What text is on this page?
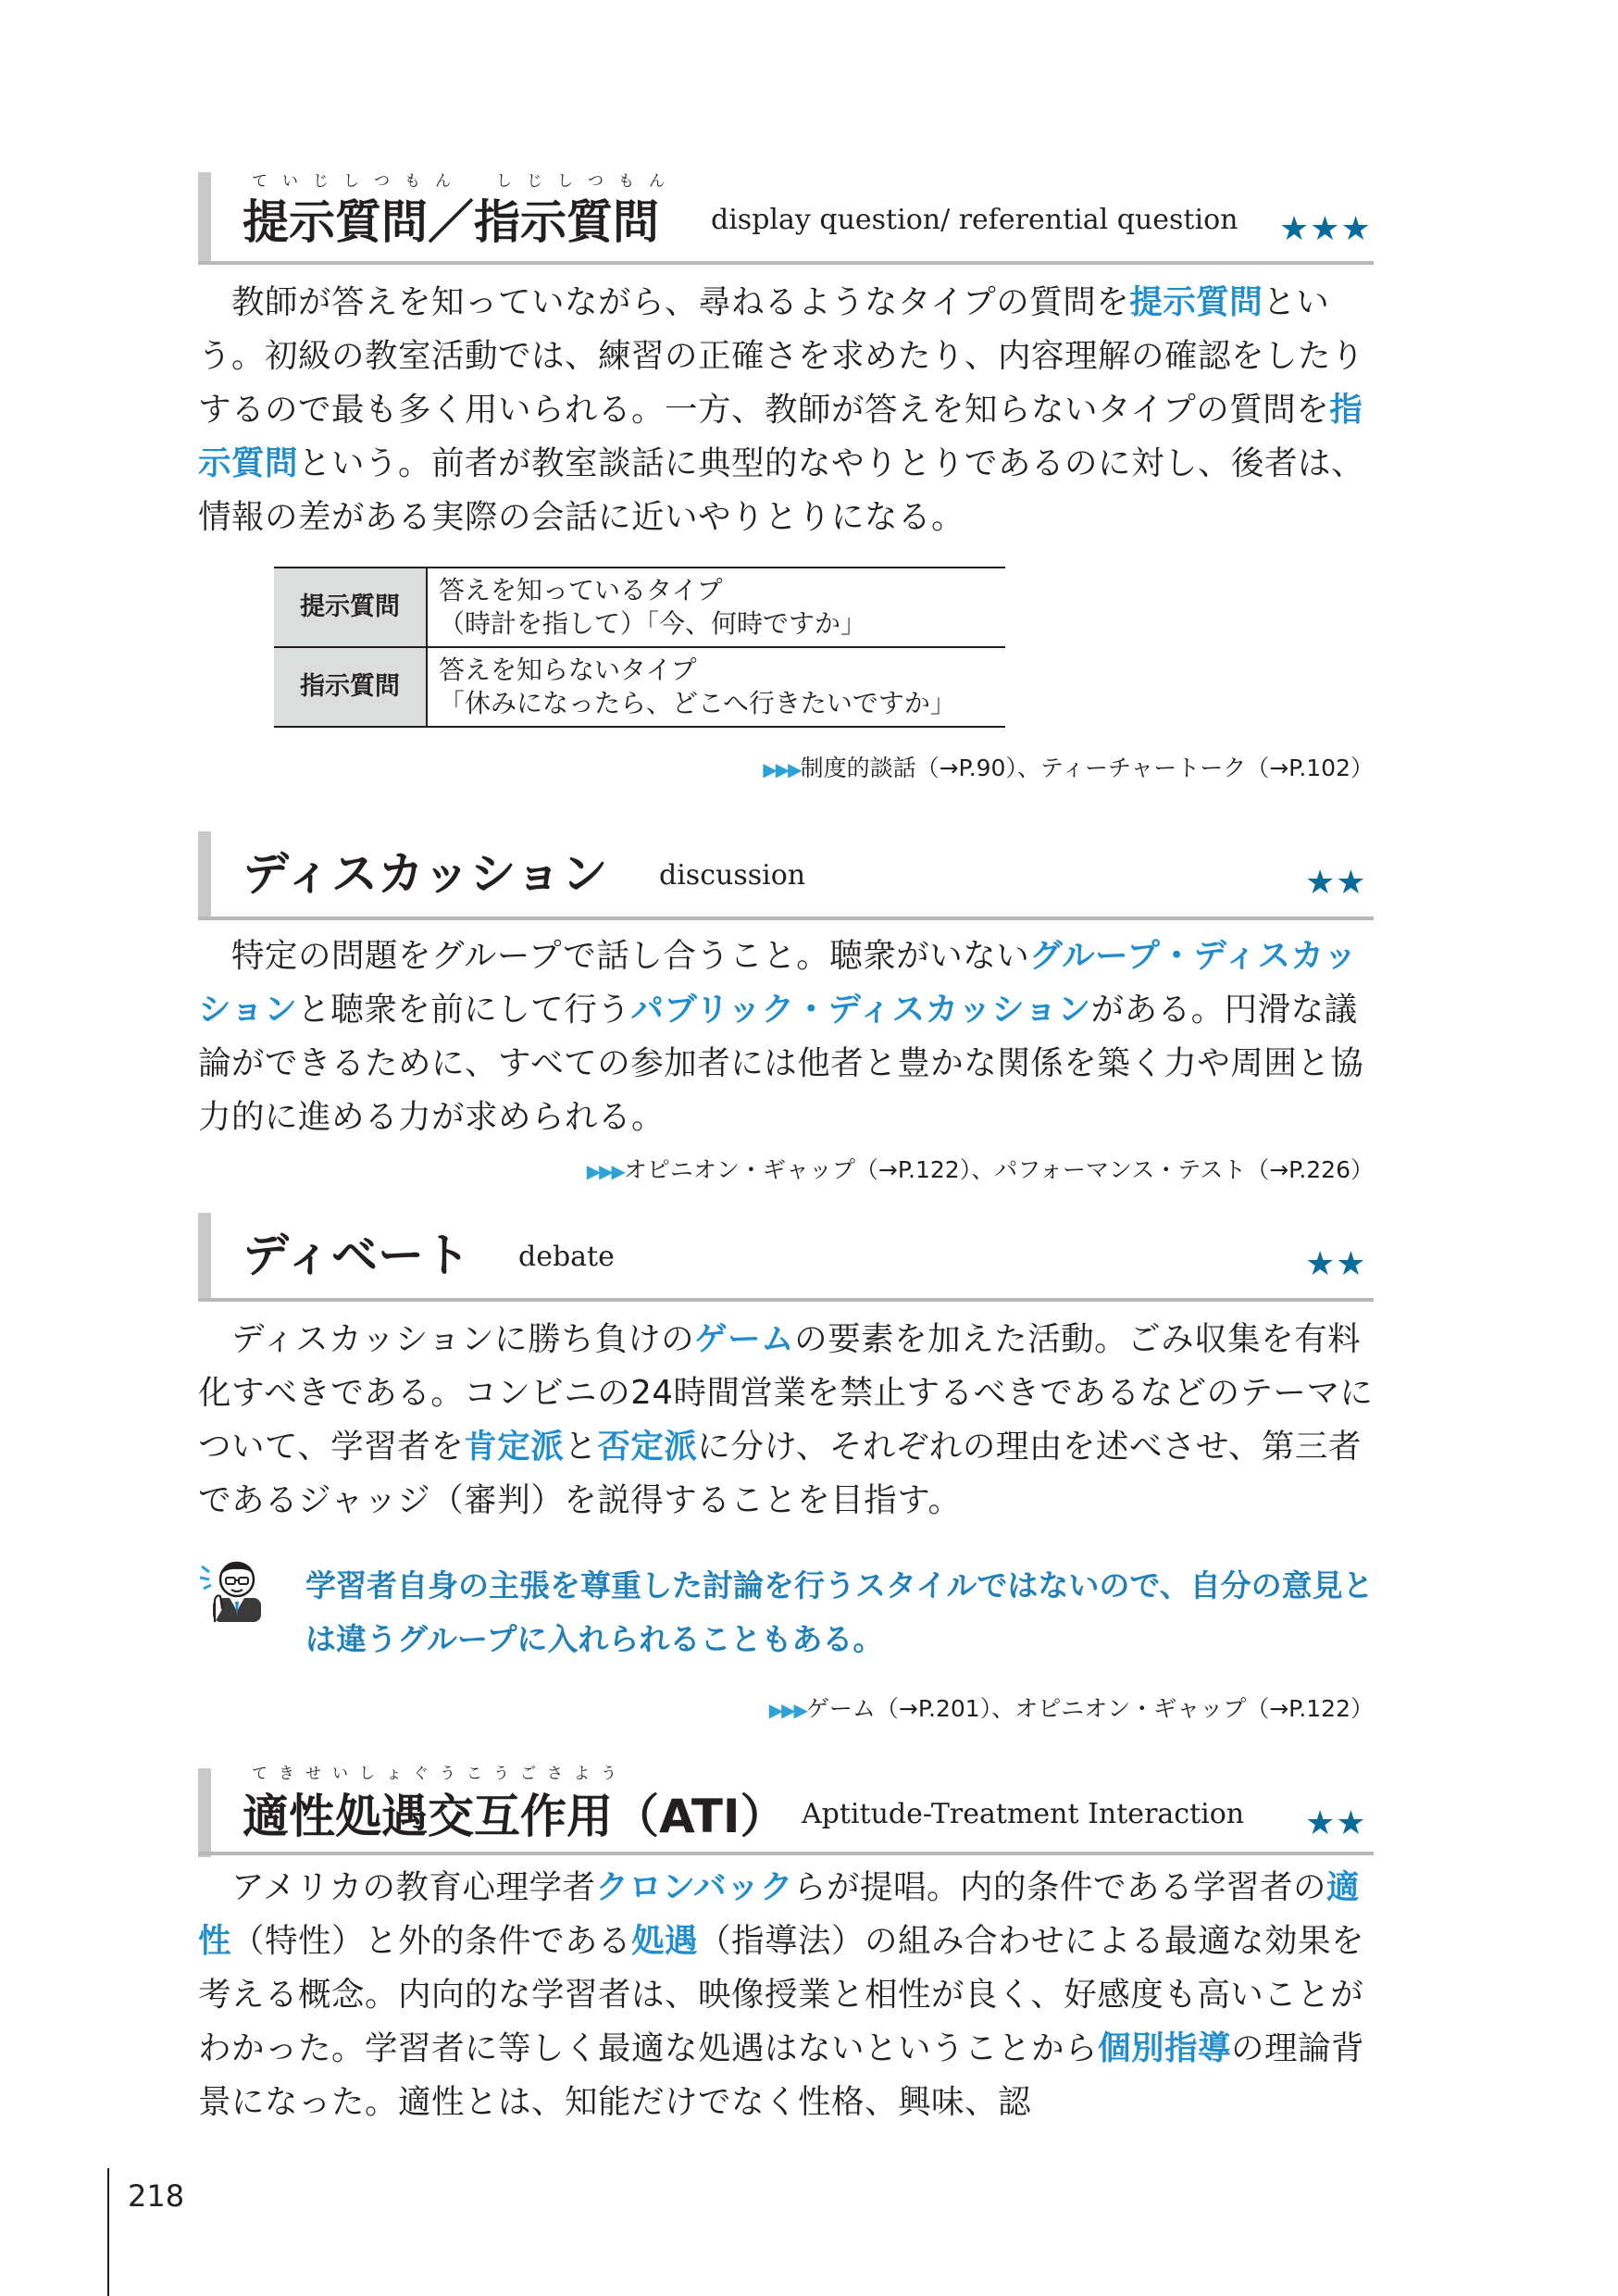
ていじしつもん　しじしつもん
提示質問／指示質問 display question/ referential question ★★★
教師が答えを知っていながら、尋ねるようなタイプの質問を提示質問という。初級の教室活動では、練習の正確さを求めたり、内容理解の確認をしたりするので最も多く用いられる。一方、教師が答えを知らないタイプの質問を指示質問という。前者が教室談話に典型的なやりとりであるのに対し、後者は、情報の差がある実際の会話に近いやりとりになる。
提示質問	答えを知っているタイプ
（時計を指して）「今、何時ですか」

指示質問	答えを知らないタイプ
「休みになったら、どこへ行きたいですか」
▶▶▶制度的談話（→P.90）、ティーチャートーク（→P.102）
ディスカッション discussion	★★
特定の問題をグループで話し合うこと。聴衆がいないグループ・ディスカッションと聴衆を前にして行うパブリック・ディスカッションがある。円滑な議論ができるために、すべての参加者には他者と豊かな関係を築く力や周囲と協力的に進める力が求められる。
▶▶▶オピニオン・ギャップ（→P.122）、パフォーマンス・テスト（→P.226）
ディベート debate	★★
ディスカッションに勝ち負けのゲームの要素を加えた活動。ごみ収集を有料化すべきである。コンビニの24時間営業を禁止するべきであるなどのテーマについて、学習者を肯定派と否定派に分け、それぞれの理由を述べさせ、第三者であるジャッジ（審判）を説得することを目指す。
学習者自身の主張を尊重した討論を行うスタイルではないので、自分の意見とは違うグループに入れられることもある。
▶▶▶ゲーム（→P.201）、オピニオン・ギャップ（→P.122）
てきせいしょぐうこうごさよう
適性処遇交互作用（ATI） Aptitude-Treatment Interaction ★★
アメリカの教育心理学者クロンバックらが提唱。内的条件である学習者の適性（特性）と外的条件である処遇（指導法）の組み合わせによる最適な効果を考える概念。内向的な学習者は、映像授業と相性が良く、好感度も高いことがわかった。学習者に等しく最適な処遇はないということから個別指導の理論背景になった。適性とは、知能だけでなく性格、興味、認
218
